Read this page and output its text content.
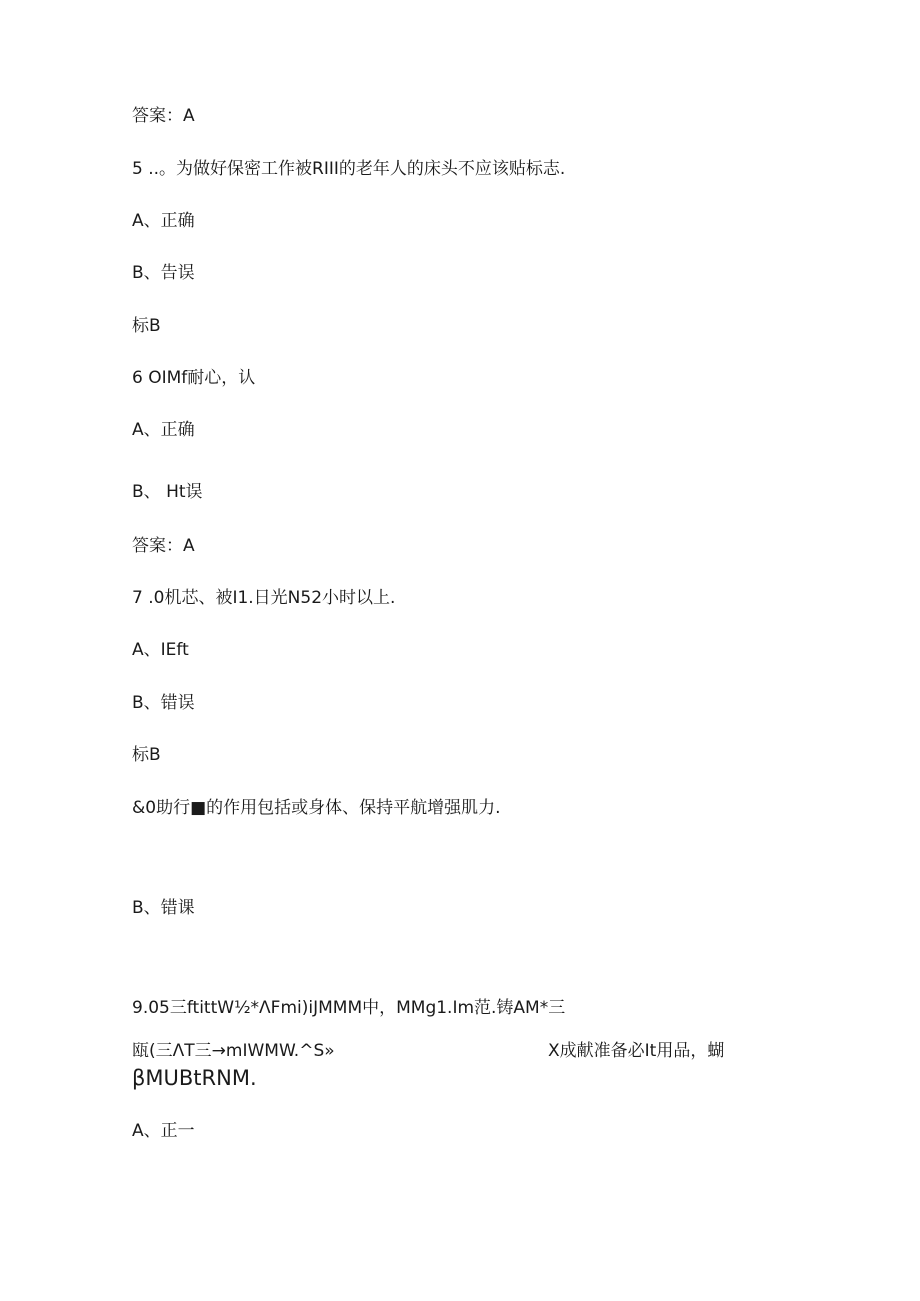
答案：A
5 ..。为做好保密工作被RIII的老年人的床头不应该贴标志.
A、正确
B、告误
标B
6 OIMf耐心，认
A、正确
B、 Ht误
答案：A
7 .0机芯、被I1.日光N52小时以上.
A、IEft
B、错误
标B
&0助行■的作用包括或身体、保持平航增强肌力.
B、错课
9.05三ftittW½*ΛFmi)iJMMM中，MMg1.Im范.铸AM*三
瓯(三ΛT三→mIWMW.^S»	X成献准备必It用品，蝴
βMUBtRNM.
A、正一
